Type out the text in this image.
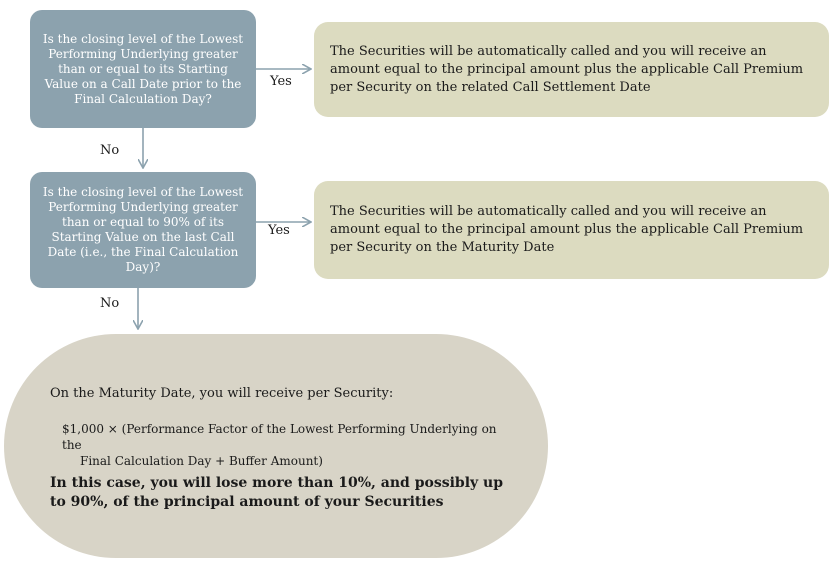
Is the closing level of the Lowest Performing Underlying greater than or equal to its Starting Value on a Call Date prior to the Final Calculation Day?
The Securities will be automatically called and you will receive an amount equal to the principal amount plus the applicable Call Premium per Security on the related Call Settlement Date
Yes
No
Is the closing level of the Lowest Performing Underlying greater than or equal to 90% of its Starting Value on the last Call Date (i.e., the Final Calculation Day)?
The Securities will be automatically called and you will receive an amount equal to the principal amount plus the applicable Call Premium per Security on the Maturity Date
Yes
No
On the Maturity Date, you will receive per Security:
$1,000 × (Performance Factor of the Lowest Performing Underlying on the
Final Calculation Day + Buffer Amount)
In this case, you will lose more than 10%, and possibly up to 90%, of the principal amount of your Securities
